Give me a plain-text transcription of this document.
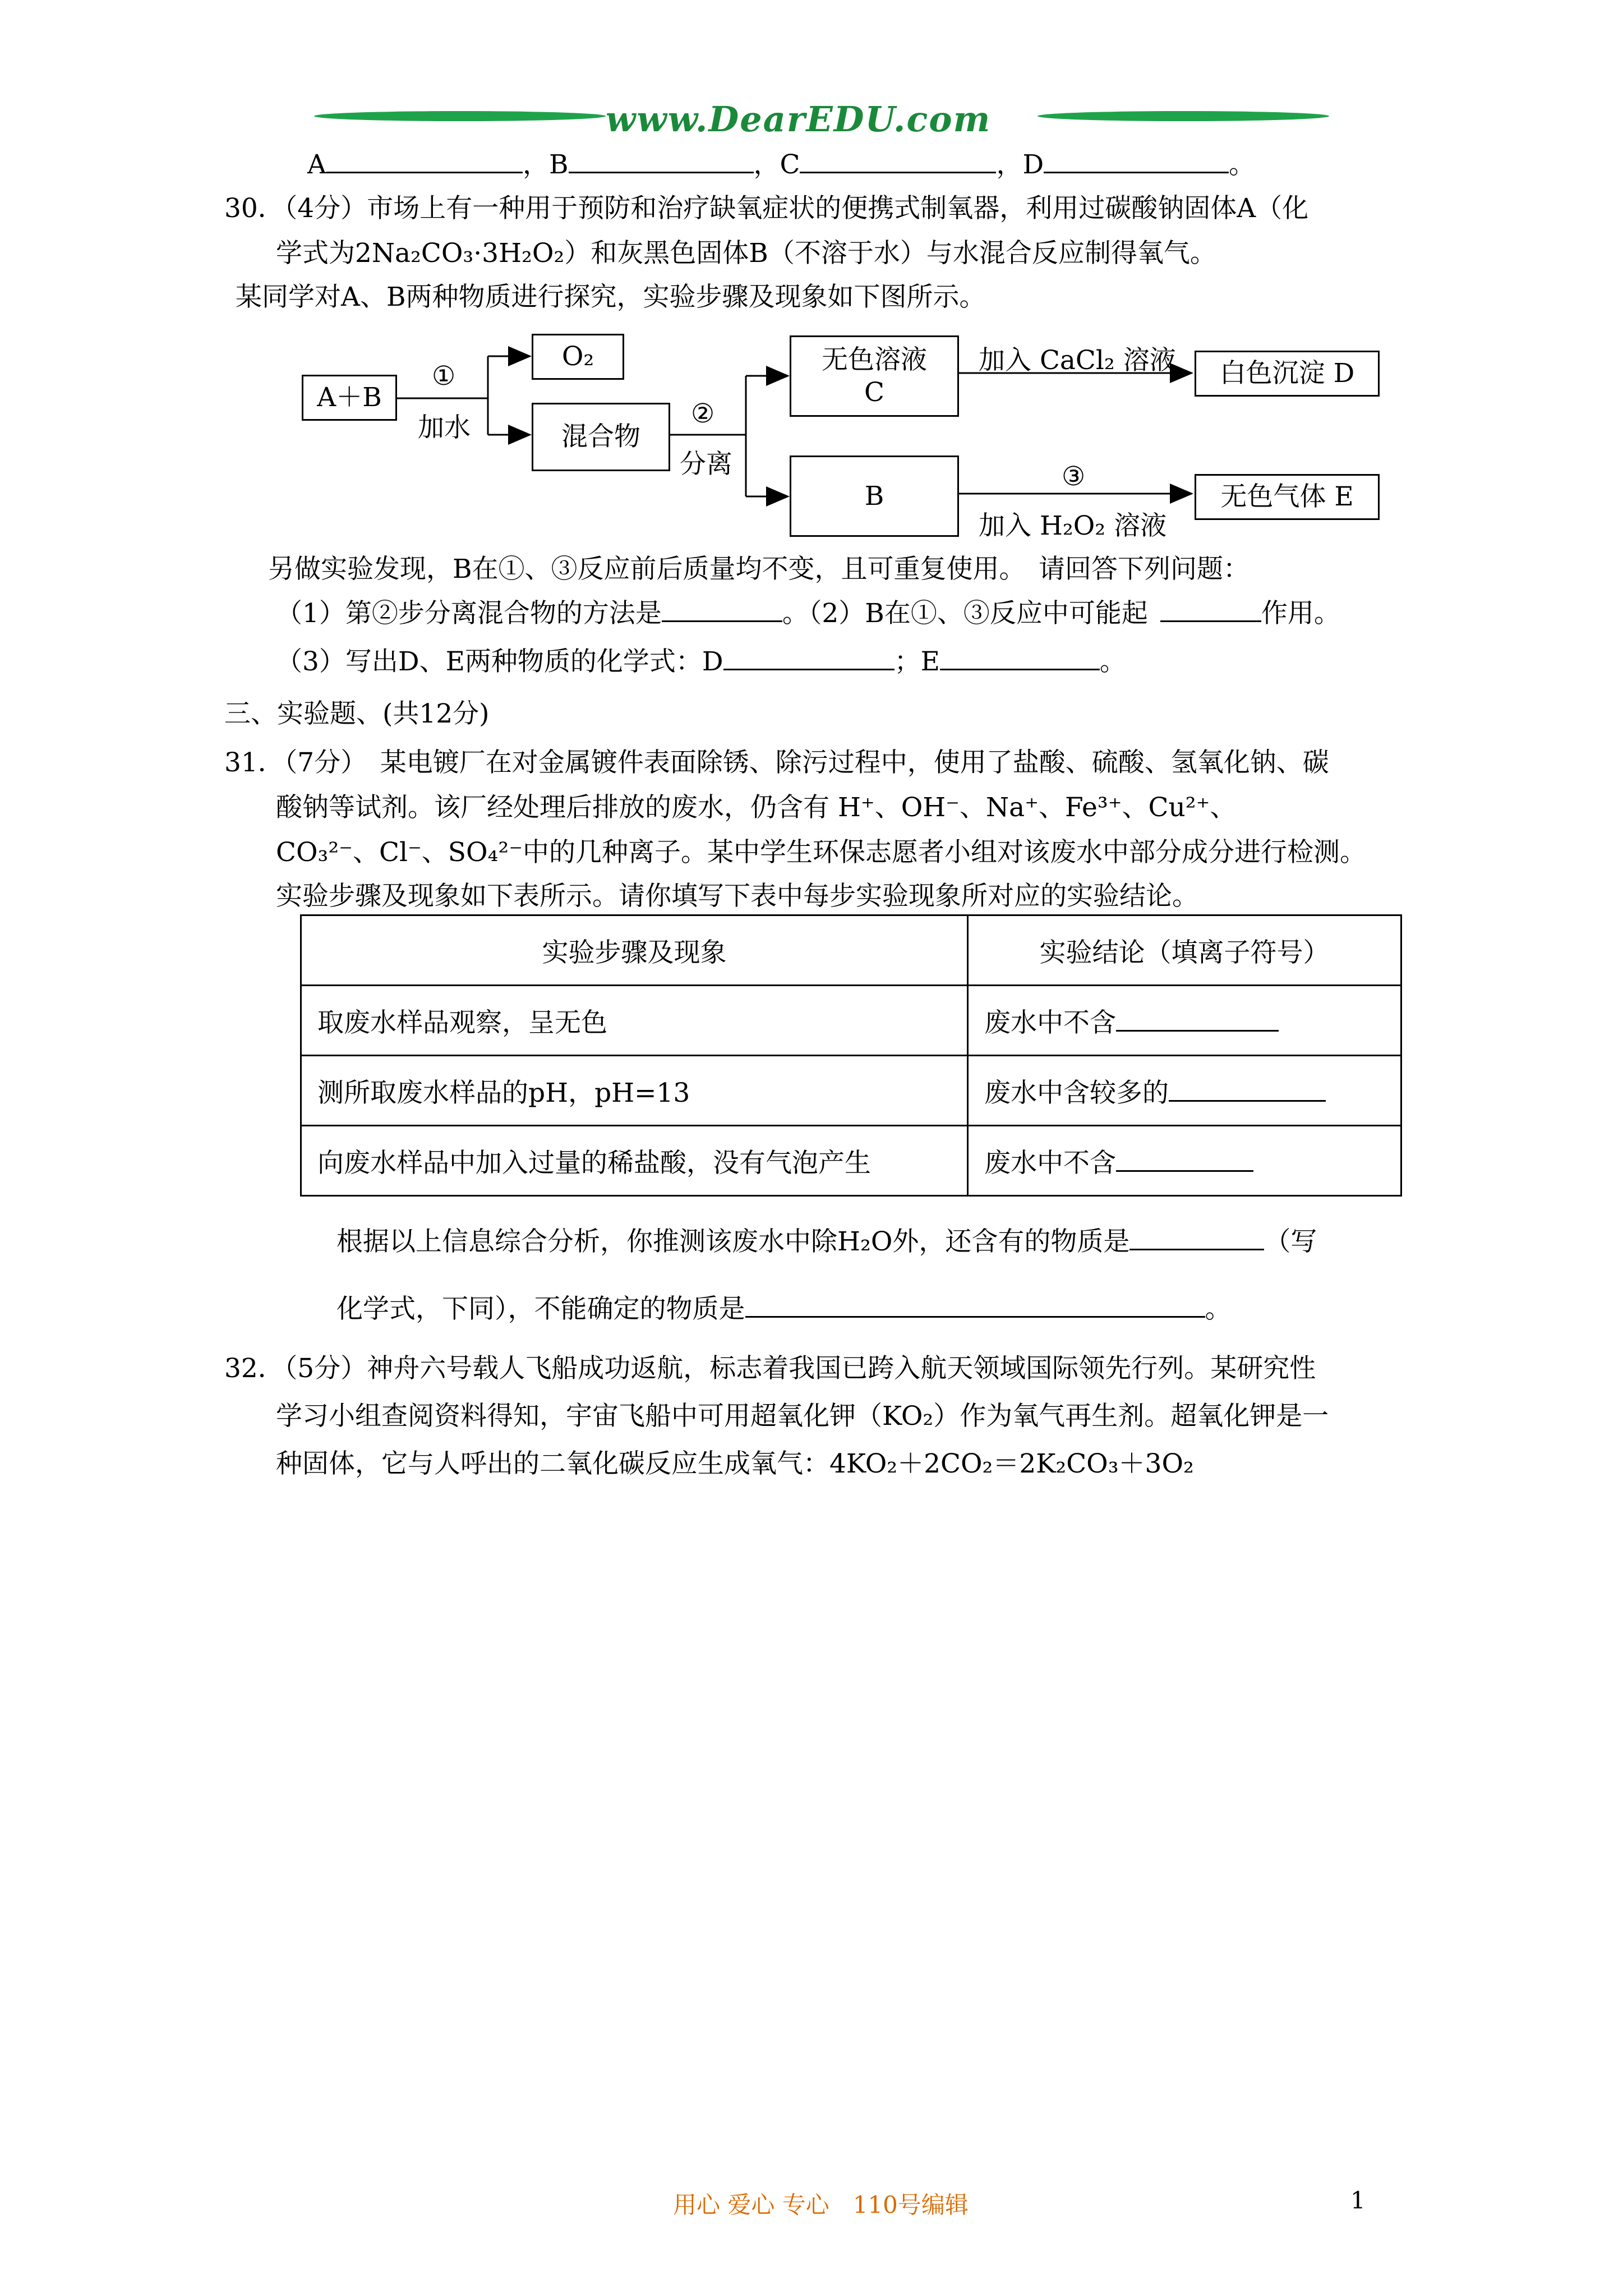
www.DearEDU.com
A	，B	，C	，D	。
30．（4分）市场上有一种用于预防和治疗缺氧症状的便携式制氧器，利用过碳酸钠固体A（化
学式为2Na₂CO₃·3H₂O₂）和灰黑色固体B（不溶于水）与水混合反应制得氧气。
某同学对A、B两种物质进行探究，实验步骤及现象如下图所示。
A＋B
①
加水
O₂
混合物
②
分离
无色溶液
C
加入 CaCl₂ 溶液	白色沉淀 D
B
③
加入 H₂O₂ 溶液
无色气体 E
另做实验发现，B在①、③反应前后质量均不变，且可重复使用。　请回答下列问题：
（1）第②步分离混合物的方法是	。（2）B在①、③反应中可能起	作用。
（3）写出D、E两种物质的化学式：D	；E	。
三、实验题、(共12分)
31．（7分）　某电镀厂在对金属镀件表面除锈、除污过程中，使用了盐酸、硫酸、氢氧化钠、碳
酸钠等试剂。该厂经处理后排放的废水，仍含有 H⁺、OH⁻、Na⁺、Fe³⁺、Cu²⁺、
CO₃²⁻、Cl⁻、SO₄²⁻中的几种离子。某中学生环保志愿者小组对该废水中部分成分进行检测。
实验步骤及现象如下表所示。请你填写下表中每步实验现象所对应的实验结论。
实验步骤及现象	实验结论（填离子符号）
取废水样品观察，呈无色	废水中不含
测所取废水样品的pH，pH=13	废水中含较多的
向废水样品中加入过量的稀盐酸，没有气泡产生	废水中不含
根据以上信息综合分析，你推测该废水中除H₂O外，还含有的物质是	（写
化学式，下同），不能确定的物质是	。
32．（5分）神舟六号载人飞船成功返航，标志着我国已跨入航天领域国际领先行列。某研究性
学习小组查阅资料得知，宇宙飞船中可用超氧化钾（KO₂）作为氧气再生剂。超氧化钾是一
种固体，它与人呼出的二氧化碳反应生成氧气：4KO₂＋2CO₂＝2K₂CO₃＋3O₂
用心 爱心 专心　110号编辑	1
